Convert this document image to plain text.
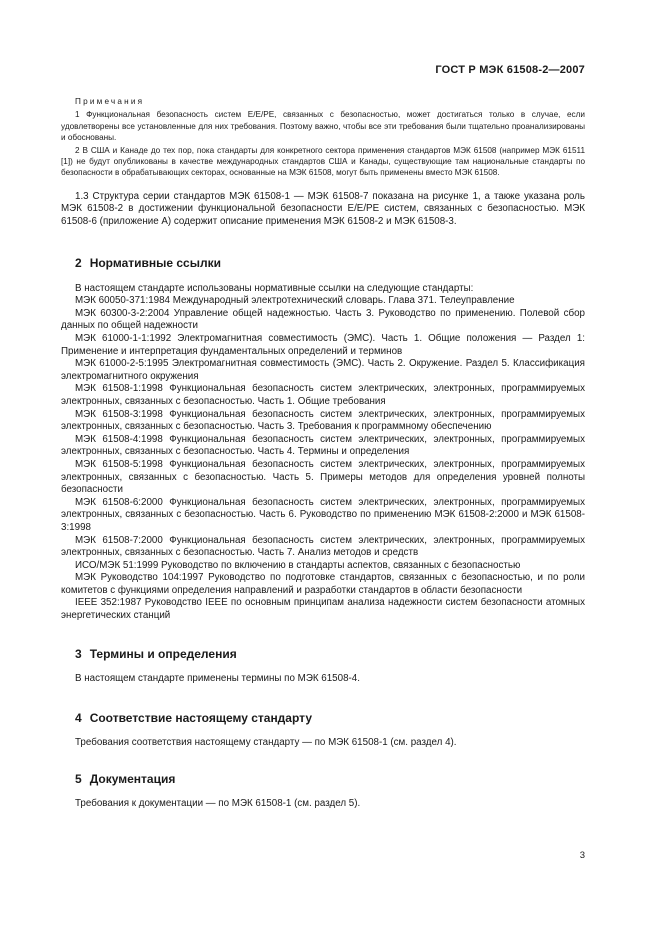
ГОСТ Р МЭК 61508-2—2007
Примечания

1 Функциональная безопасность систем Е/Е/РЕ, связанных с безопасностью, может достигаться только в случае, если удовлетворены все установленные для них требования. Поэтому важно, чтобы все эти требования были тщательно проанализированы и обоснованы.

2 В США и Канаде до тех пор, пока стандарты для конкретного сектора применения стандартов МЭК 61508 (например МЭК 61511 [1]) не будут опубликованы в качестве международных стандартов США и Канады, существующие там национальные стандарты по безопасности в обрабатывающих секторах, основанные на МЭК 61508, могут быть применены вместо МЭК 61508.

1.3 Структура серии стандартов МЭК 61508-1 — МЭК 61508-7 показана на рисунке 1, а также указана роль МЭК 61508-2 в достижении функциональной безопасности Е/Е/РЕ систем, связанных с безопасностью. МЭК 61508-6 (приложение А) содержит описание применения МЭК 61508-2 и МЭК 61508-3.

2 Нормативные ссылки

В настоящем стандарте использованы нормативные ссылки на следующие стандарты:

МЭК 60050-371:1984 Международный электротехнический словарь. Глава 371. Телеуправление

МЭК 60300-3-2:2004 Управление общей надежностью. Часть 3. Руководство по применению. Полевой сбор данных по общей надежности

МЭК 61000-1-1:1992 Электромагнитная совместимость (ЭМС). Часть 1. Общие положения — Раздел 1: Применение и интерпретация фундаментальных определений и терминов

МЭК 61000-2-5:1995 Электромагнитная совместимость (ЭМС). Часть 2. Окружение. Раздел 5. Классификация электромагнитного окружения

МЭК 61508-1:1998 Функциональная безопасность систем электрических, электронных, программируемых электронных, связанных с безопасностью. Часть 1. Общие требования

МЭК 61508-3:1998 Функциональная безопасность систем электрических, электронных, программируемых электронных, связанных с безопасностью. Часть 3. Требования к программному обеспечению

МЭК 61508-4:1998 Функциональная безопасность систем электрических, электронных, программируемых электронных, связанных с безопасностью. Часть 4. Термины и определения

МЭК 61508-5:1998 Функциональная безопасность систем электрических, электронных, программируемых электронных, связанных с безопасностью. Часть 5. Примеры методов для определения уровней полноты безопасности

МЭК 61508-6:2000 Функциональная безопасность систем электрических, электронных, программируемых электронных, связанных с безопасностью. Часть 6. Руководство по применению МЭК 61508-2:2000 и МЭК 61508-3:1998

МЭК 61508-7:2000 Функциональная безопасность систем электрических, электронных, программируемых электронных, связанных с безопасностью. Часть 7. Анализ методов и средств

ИСО/МЭК 51:1999 Руководство по включению в стандарты аспектов, связанных с безопасностью

МЭК Руководство 104:1997 Руководство по подготовке стандартов, связанных с безопасностью, и по роли комитетов с функциями определения направлений и разработки стандартов в области безопасности

IEEE 352:1987 Руководство IEEE по основным принципам анализа надежности систем безопасности атомных энергетических станций

3 Термины и определения

В настоящем стандарте применены термины по МЭК 61508-4.

4 Соответствие настоящему стандарту

Требования соответствия настоящему стандарту — по МЭК 61508-1 (см. раздел 4).

5 Документация

Требования к документации — по МЭК 61508-1 (см. раздел 5).

3
